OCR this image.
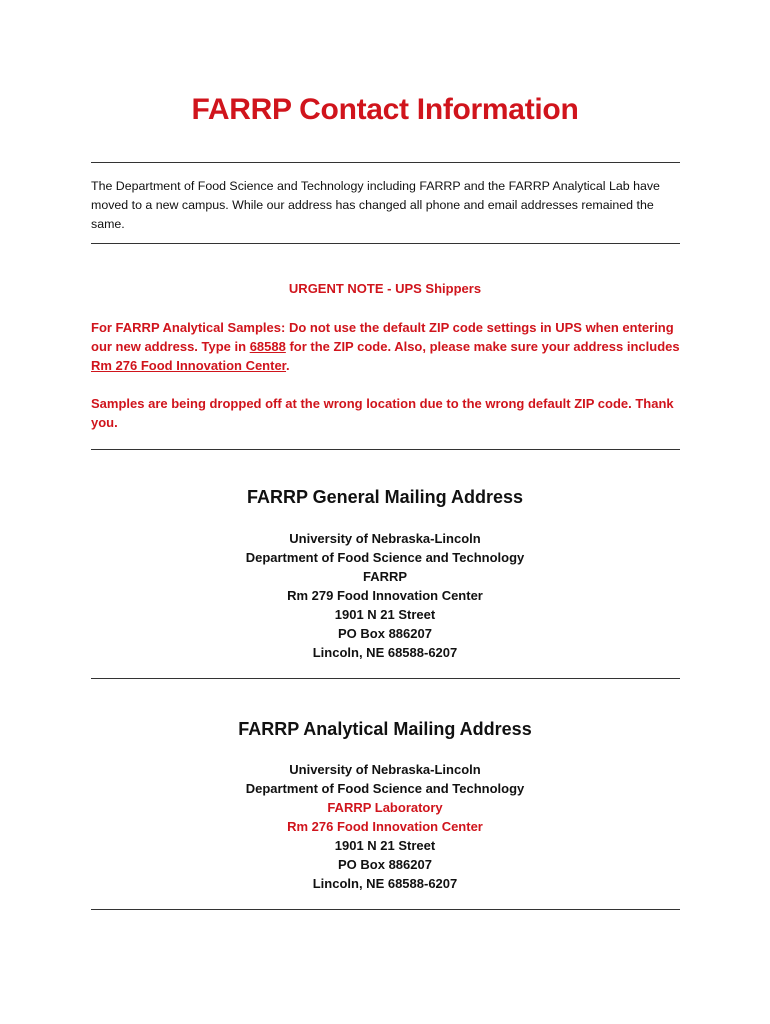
FARRP Contact Information
The Department of Food Science and Technology including FARRP and the FARRP Analytical Lab have moved to a new campus. While our address has changed all phone and email addresses remained the same.
URGENT NOTE - UPS Shippers
For FARRP Analytical Samples: Do not use the default ZIP code settings in UPS when entering our new address. Type in 68588 for the ZIP code. Also, please make sure your address includes Rm 276 Food Innovation Center.
Samples are being dropped off at the wrong location due to the wrong default ZIP code. Thank you.
FARRP General Mailing Address
University of Nebraska-Lincoln
Department of Food Science and Technology
FARRP
Rm 279 Food Innovation Center
1901 N 21 Street
PO Box 886207
Lincoln, NE 68588-6207
FARRP Analytical Mailing Address
University of Nebraska-Lincoln
Department of Food Science and Technology
FARRP Laboratory
Rm 276 Food Innovation Center
1901 N 21 Street
PO Box 886207
Lincoln, NE 68588-6207
